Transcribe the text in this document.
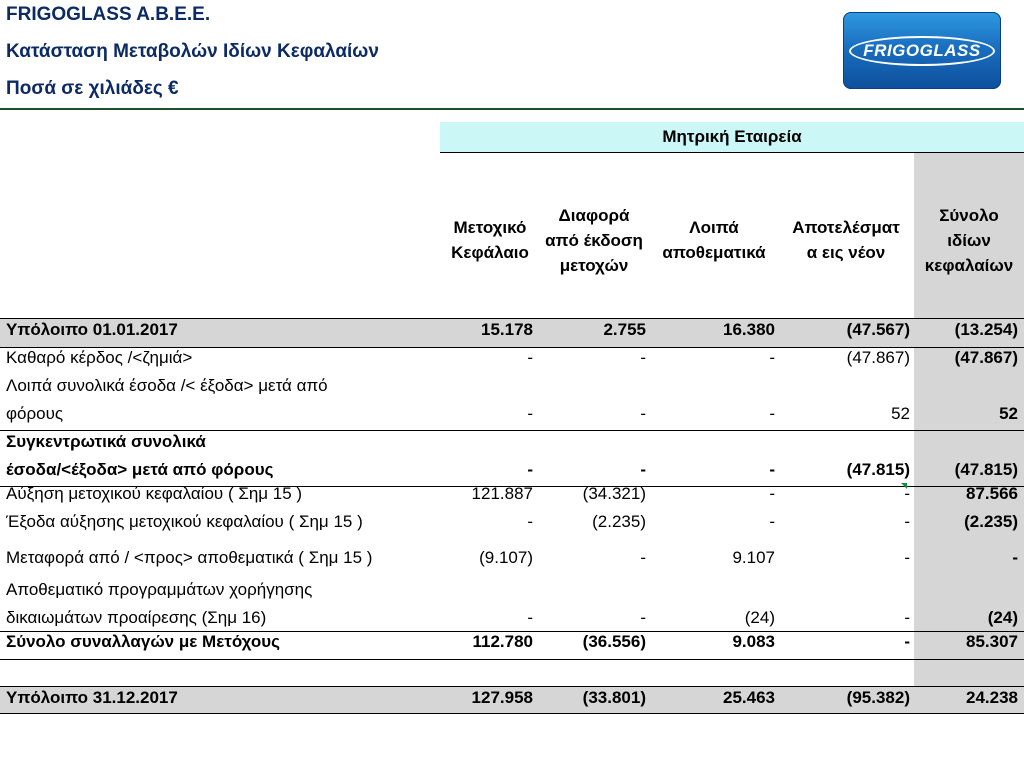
FRIGOGLASS A.B.E.E.
Κατάσταση Μεταβολών Ιδίων Κεφαλαίων
Ποσά σε χιλιάδες €
FRIGOGLASS
Μητρική Εταιρεία
Μετοχικό
Κεφάλαιο
Διαφορά
από έκδοση
μετοχών
Λοιπά
αποθεματικά
Αποτελέσματ
α εις νέον
Σύνολο
ιδίων
κεφαλαίων
Υπόλοιπο 01.01.2017	15.178	2.755	16.380	(47.567)	(13.254)
Καθαρό κέρδος /<ζημιά>	-	-	-	(47.867)	(47.867)
Λοιπά συνολικά έσοδα /< έξοδα> μετά από
φόρους	-	-	-	52	52
Συγκεντρωτικά συνολικά
έσοδα/<έξοδα> μετά από φόρους	-	-	-	(47.815)	(47.815)
Αύξηση μετοχικού κεφαλαίου ( Σημ 15 )	121.887	(34.321)	-	-	87.566
Έξοδα αύξησης μετοχικού κεφαλαίου ( Σημ 15 )	-	(2.235)	-	-	(2.235)
Μεταφορά από / <προς> αποθεματικά ( Σημ 15 )	(9.107)	-	9.107	-	-
Αποθεματικό προγραμμάτων χορήγησης
δικαιωμάτων προαίρεσης (Σημ 16)	-	-	(24)	-	(24)
Σύνολο συναλλαγών με Μετόχους	112.780	(36.556)	9.083	-	85.307
Υπόλοιπο 31.12.2017	127.958	(33.801)	25.463	(95.382)	24.238
